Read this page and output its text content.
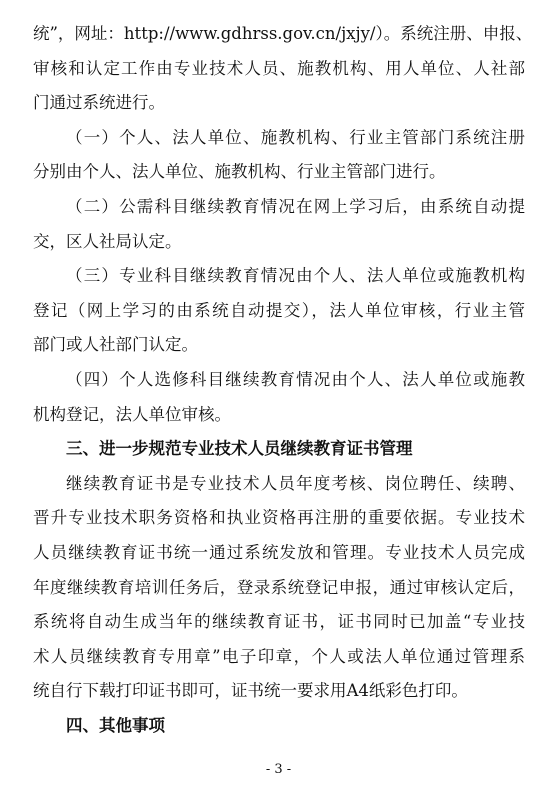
统”，网址：http://www.gdhrss.gov.cn/jxjy/）。系统注册、申报、
审核和认定工作由专业技术人员、施教机构、用人单位、人社部
门通过系统进行。
（一）个人、法人单位、施教机构、行业主管部门系统注册
分别由个人、法人单位、施教机构、行业主管部门进行。
（二）公需科目继续教育情况在网上学习后，由系统自动提
交，区人社局认定。
（三）专业科目继续教育情况由个人、法人单位或施教机构
登记（网上学习的由系统自动提交），法人单位审核，行业主管
部门或人社部门认定。
（四）个人选修科目继续教育情况由个人、法人单位或施教
机构登记，法人单位审核。
三、进一步规范专业技术人员继续教育证书管理
继续教育证书是专业技术人员年度考核、岗位聘任、续聘、
晋升专业技术职务资格和执业资格再注册的重要依据。专业技术
人员继续教育证书统一通过系统发放和管理。专业技术人员完成
年度继续教育培训任务后，登录系统登记申报，通过审核认定后，
系统将自动生成当年的继续教育证书，证书同时已加盖“专业技
术人员继续教育专用章”电子印章，个人或法人单位通过管理系
统自行下载打印证书即可，证书统一要求用A4纸彩色打印。
四、其他事项
- 3 -
